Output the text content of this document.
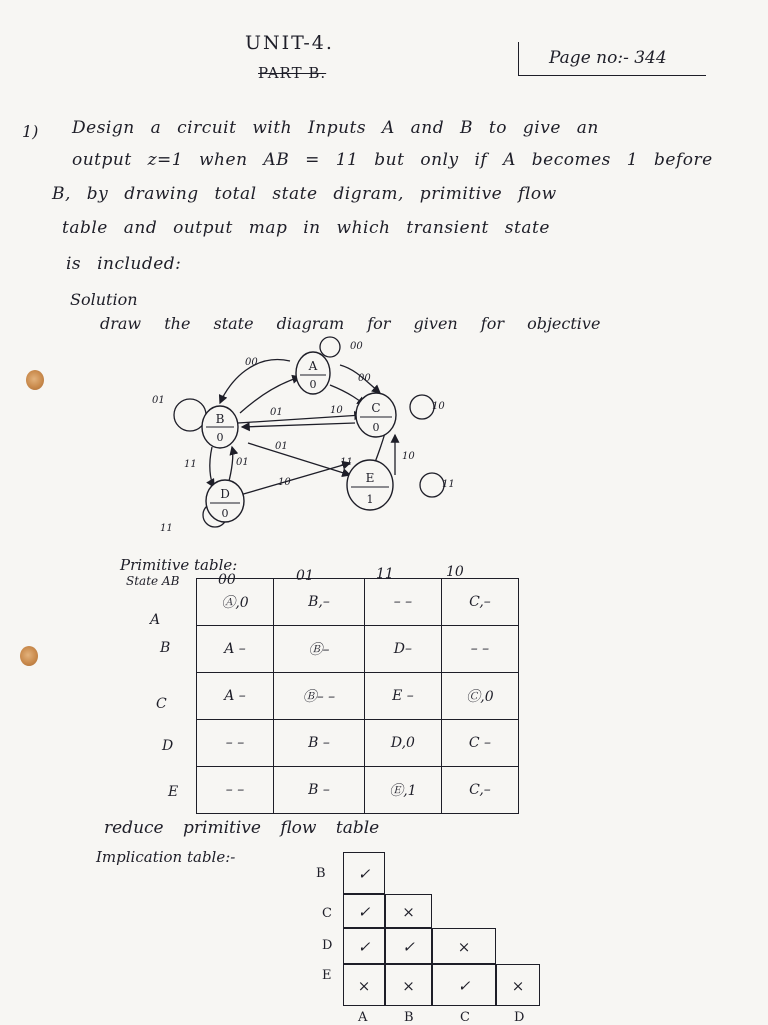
UNIT-4.
PART B.
Page no:- 344
1) Design a circuit with Inputs A and B to give an
output z=1 when AB = 11 but only if A becomes 1 before
B, by drawing total state digram, primitive flow
table and output map in which transient state
is included:
Solution
draw the state diagram for given for objective
A
0
B
0
C
0
D
0
E
1
00
00
00
01
01	10	10
01
01
11	11
10
11
10
11
Primitive table:
State AB	00	01	11	10
A
B
C
D
E
Ⓐ,0	B,–	– –	C,–
A –	Ⓑ–	D–	– –
A –	Ⓑ– –	E –	Ⓒ,0
– –	B –	D,0	C –
– –	B –	Ⓔ,1	C,–
reduce primitive flow table
Implication table:-
B
C
D
E
✓
✓	×
✓	✓	×
×	×	✓	×
A	B	C	D
